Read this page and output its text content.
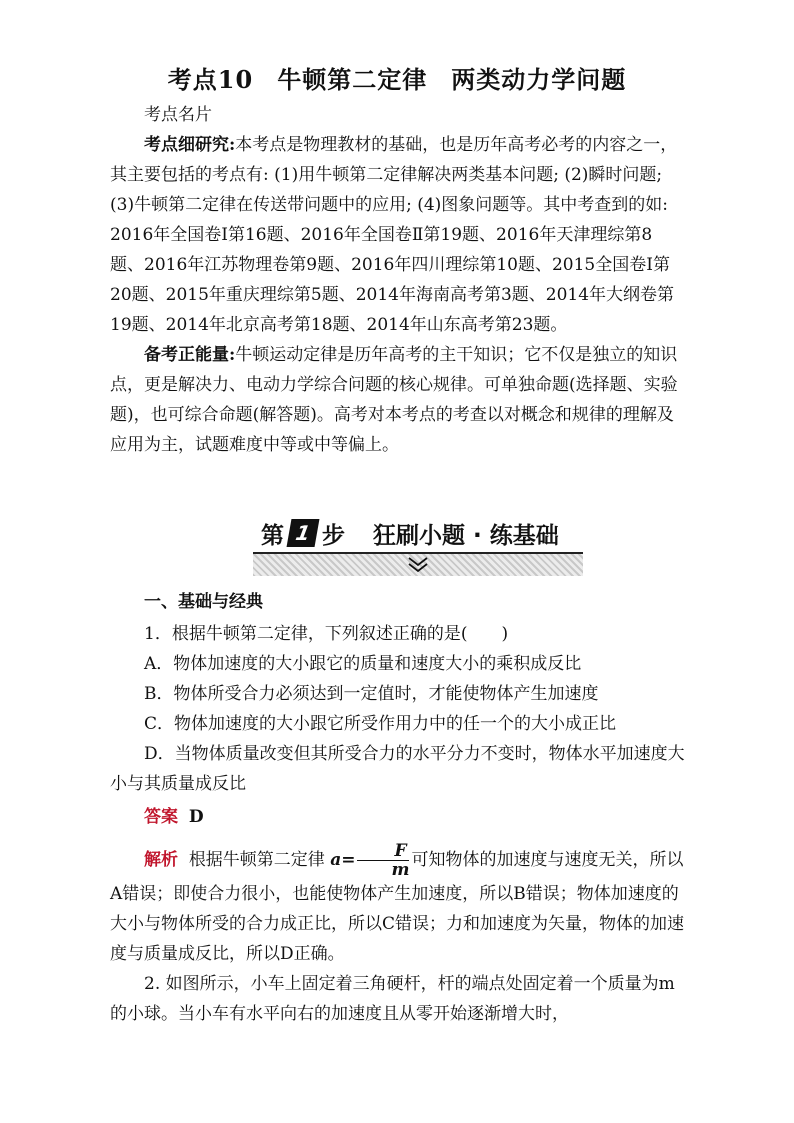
考点10 牛顿第二定律 两类动力学问题

考点名片

考点细研究:本考点是物理教材的基础，也是历年高考必考的内容之一，其主要包括的考点有: (1)用牛顿第二定律解决两类基本问题; (2)瞬时问题; (3)牛顿第二定律在传送带问题中的应用; (4)图象问题等。其中考查到的如: 2016年全国卷Ⅰ第16题、2016年全国卷Ⅱ第19题、2016年天津理综第8题、2016年江苏物理卷第9题、2016年四川理综第10题、2015全国卷Ⅰ第20题、2015年重庆理综第5题、2014年海南高考第3题、2014年大纲卷第19题、2014年北京高考第18题、2014年山东高考第23题。

备考正能量:牛顿运动定律是历年高考的主干知识；它不仅是独立的知识点，更是解决力、电动力学综合问题的核心规律。可单独命题(选择题、实验题)，也可综合命题(解答题)。高考对本考点的考查以对概念和规律的理解及应用为主，试题难度中等或中等偏上。

第 1 步 狂刷小题 · 练基础

一、基础与经典

1．根据牛顿第二定律，下列叙述正确的是(　　)

A．物体加速度的大小跟它的质量和速度大小的乘积成反比

B．物体所受合力必须达到一定值时，才能使物体产生加速度

C．物体加速度的大小跟它所受作用力中的任一个的大小成正比

D．当物体质量改变但其所受合力的水平分力不变时，物体水平加速度大小与其质量成反比

答案 D

解析 根据牛顿第二定律 $a= \frac{F}{m}$ 可知物体的加速度与速度无关，所以A错误；即使合力很小，也能使物体产生加速度，所以B错误；物体加速度的大小与物体所受的合力成正比，所以C错误；力和加速度为矢量，物体的加速度与质量成反比，所以D正确。

2. 如图所示，小车上固定着三角硬杆，杆的端点处固定着一个质量为m的小球。当小车有水平向右的加速度且从零开始逐渐增大时，
